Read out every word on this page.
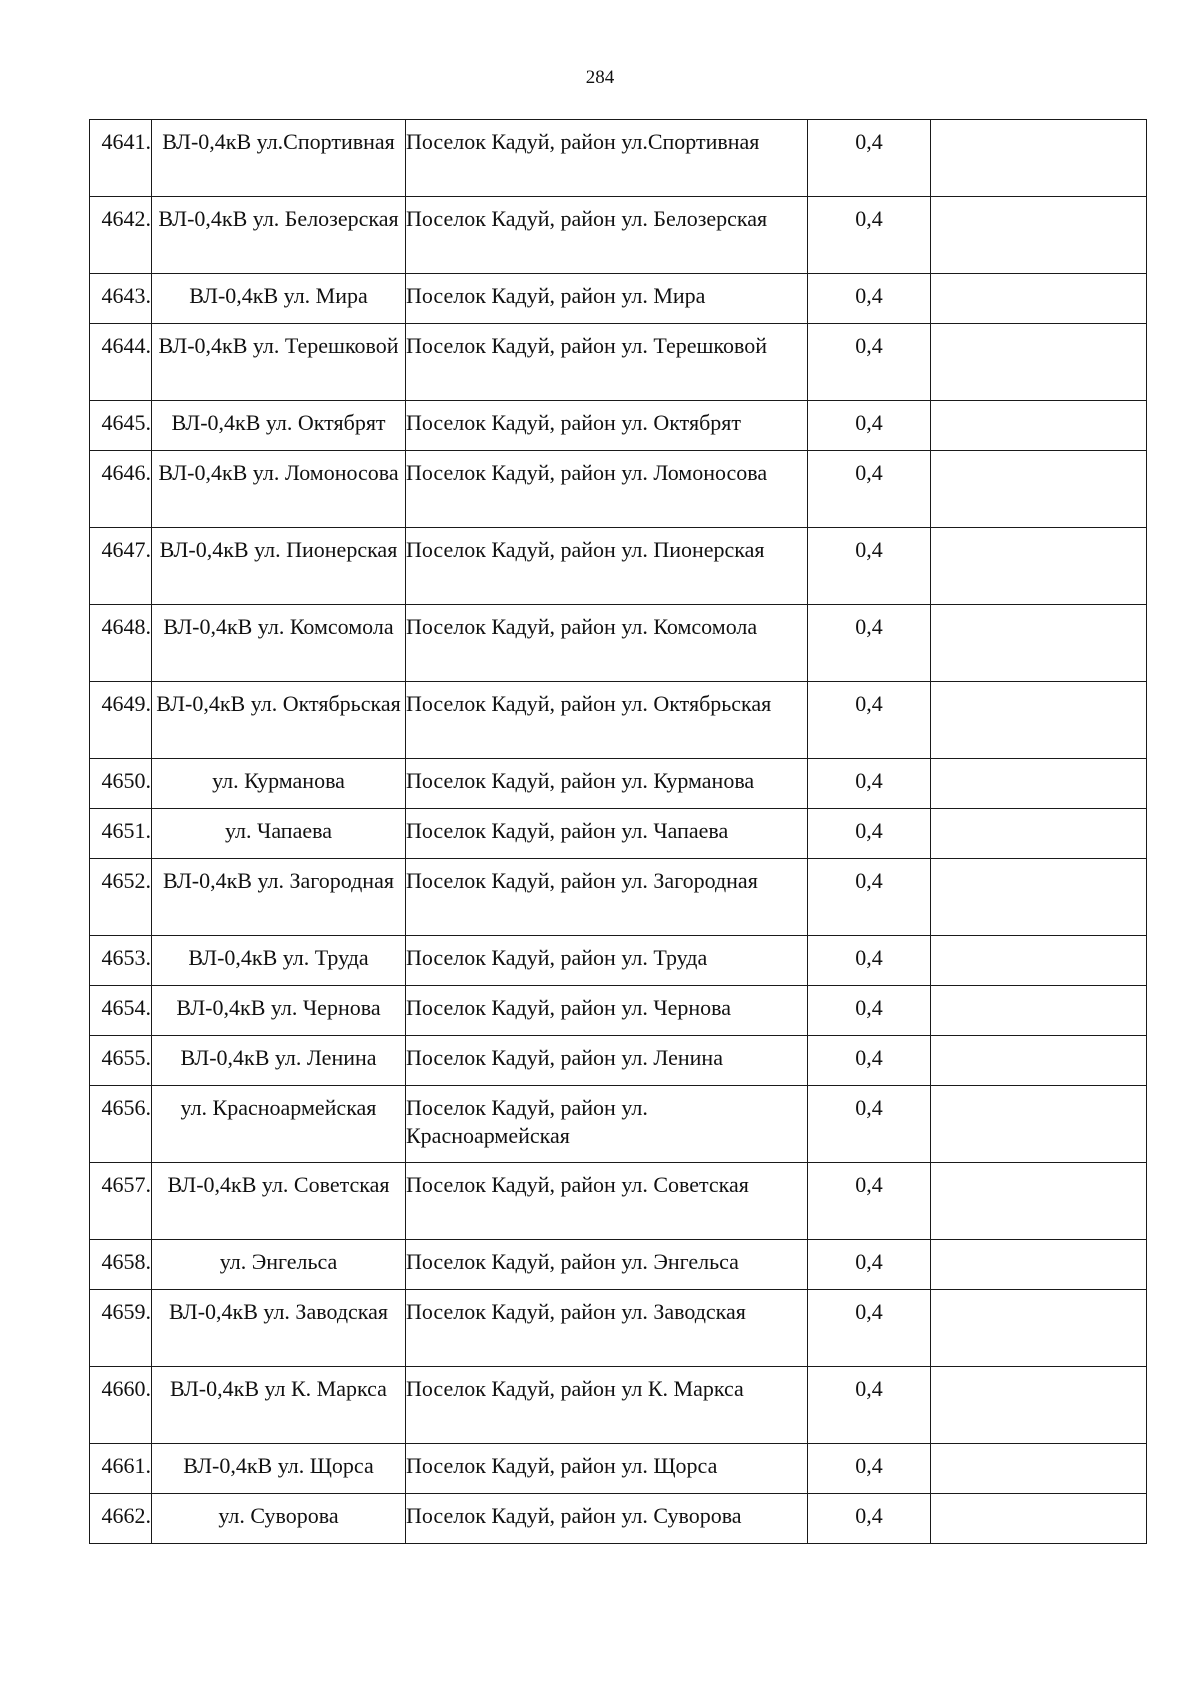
284
4641.	ВЛ-0,4кВ ул.Спортивная	Поселок Кадуй, район ул.Спортивная	0,4	
4642.	ВЛ-0,4кВ ул. Белозерская	Поселок Кадуй, район ул. Белозерская	0,4	
4643.	ВЛ-0,4кВ ул. Мира	Поселок Кадуй, район ул. Мира	0,4	
4644.	ВЛ-0,4кВ ул. Терешковой	Поселок Кадуй, район ул. Терешковой	0,4	
4645.	ВЛ-0,4кВ ул. Октябрят	Поселок Кадуй, район ул. Октябрят	0,4	
4646.	ВЛ-0,4кВ ул. Ломоносова	Поселок Кадуй, район ул. Ломоносова	0,4	
4647.	ВЛ-0,4кВ ул. Пионерская	Поселок Кадуй, район ул. Пионерская	0,4	
4648.	ВЛ-0,4кВ ул. Комсомола	Поселок Кадуй, район ул. Комсомола	0,4	
4649.	ВЛ-0,4кВ ул. Октябрьская	Поселок Кадуй, район ул. Октябрьская	0,4	
4650.	ул. Курманова	Поселок Кадуй, район ул. Курманова	0,4	
4651.	ул. Чапаева	Поселок Кадуй, район ул. Чапаева	0,4	
4652.	ВЛ-0,4кВ ул. Загородная	Поселок Кадуй, район ул. Загородная	0,4	
4653.	ВЛ-0,4кВ ул. Труда	Поселок Кадуй, район ул. Труда	0,4	
4654.	ВЛ-0,4кВ ул. Чернова	Поселок Кадуй, район ул. Чернова	0,4	
4655.	ВЛ-0,4кВ ул. Ленина	Поселок Кадуй, район ул. Ленина	0,4	
4656.	ул. Красноармейская	Поселок Кадуй, район ул. Красноармейская	0,4	
4657.	ВЛ-0,4кВ ул. Советская	Поселок Кадуй, район ул. Советская	0,4	
4658.	ул. Энгельса	Поселок Кадуй, район ул. Энгельса	0,4	
4659.	ВЛ-0,4кВ ул. Заводская	Поселок Кадуй, район ул. Заводская	0,4	
4660.	ВЛ-0,4кВ ул К. Маркса	Поселок Кадуй, район ул К. Маркса	0,4	
4661.	ВЛ-0,4кВ ул. Щорса	Поселок Кадуй, район ул. Щорса	0,4	
4662.	ул. Суворова	Поселок Кадуй, район ул. Суворова	0,4	
